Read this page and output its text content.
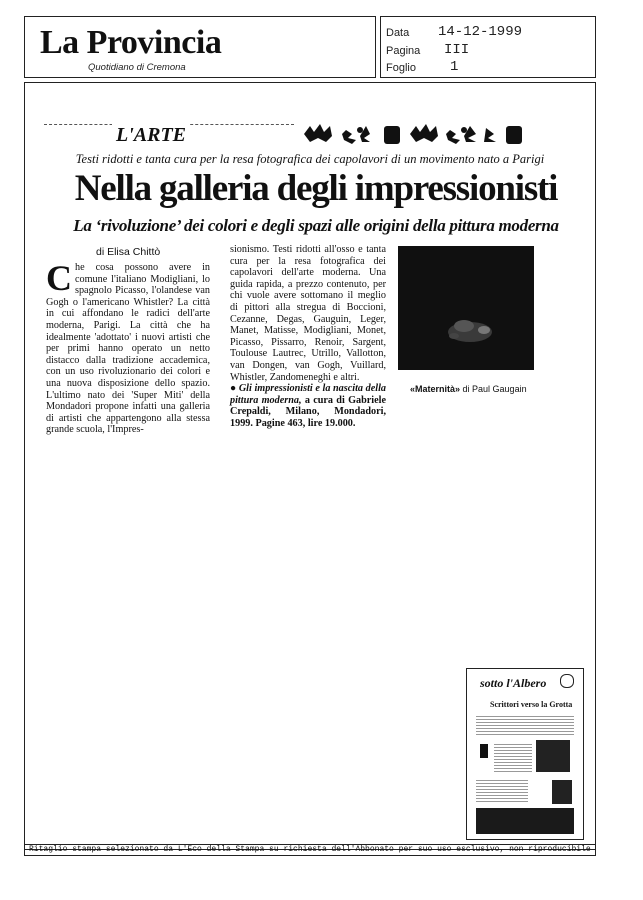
La Provincia
Quotidiano di Cremona
Data 14-12-1999
Pagina III
Foglio 1
L'ARTE
Testi ridotti e tanta cura per la resa fotografica dei capolavori di un movimento nato a Parigi
Nella galleria degli impressionisti
La ‘rivoluzione’ dei colori e degli spazi alle origini della pittura moderna
di Elisa Chittò
Che cosa possono avere in comune l'italiano Modigliani, lo spagnolo Picasso, l'olandese van Gogh o l'americano Whistler? La città in cui affondano le radici dell'arte moderna, Parigi. La città che ha idealmente 'adottato' i nuovi artisti che per primi hanno operato un netto distacco dalla tradizione accademica, con un uso rivoluzionario dei colori e una nuova disposizione dello spazio. L'ultimo nato dei 'Super Miti' della Mondadori propone infatti una galleria di artisti che appartengono alla stessa grande scuola, l'Impres-
sionismo. Testi ridotti all'osso e tanta cura per la resa fotografica dei capolavori dell'arte moderna. Una guida rapida, a prezzo contenuto, per chi vuole avere sottomano il meglio di pittori alla stregua di Boccioni, Cezanne, Degas, Gauguin, Leger, Manet, Matisse, Modigliani, Monet, Picasso, Pissarro, Renoir, Sargent, Toulouse Lautrec, Utrillo, Vallotton, van Dongen, van Gogh, Vuillard, Whistler, Zandomeneghi e altri.
● Gli impressionisti e la nascita della pittura moderna, a cura di Gabriele Crepaldi, Milano, Mondadori, 1999. Pagine 463, lire 19.000.
«Maternità» di Paul Gaugain
sotto l'Albero
Scrittori verso la Grotta
Ritaglio stampa selezionato da L'Eco della Stampa su richiesta dell'Abbonato per suo uso esclusivo, non riproducibile
